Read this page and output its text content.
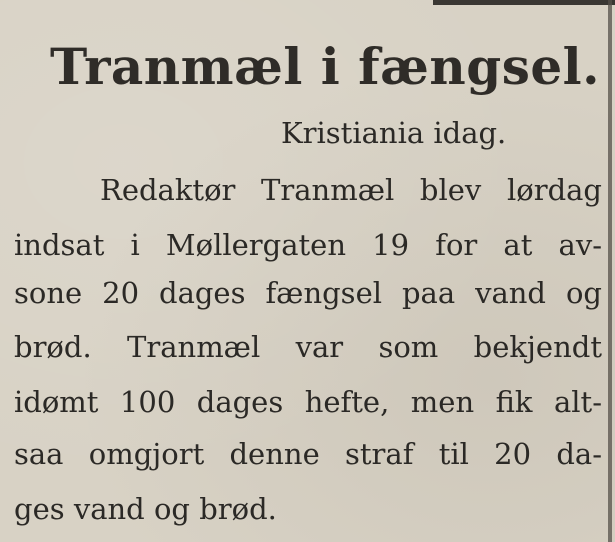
Tranmæl i fængsel.
Kristiania idag.
Redaktør Tranmæl blev lørdag
indsat i Møllergaten 19 for at av-
sone 20 dages fængsel paa vand og
brød. Tranmæl var som bekjendt
idømt 100 dages hefte, men fik alt-
saa omgjort denne straf til 20 da-
ges vand og brød.
